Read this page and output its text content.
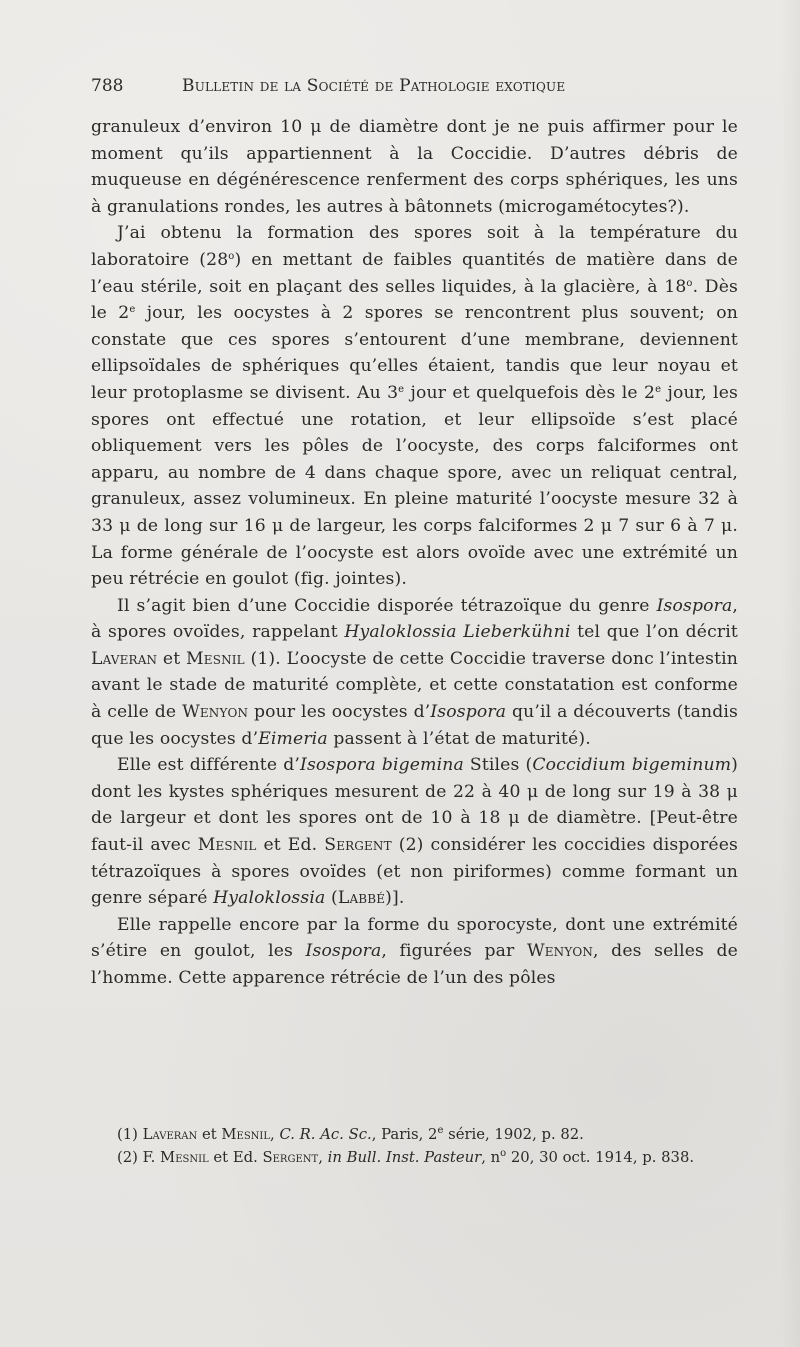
788	Bulletin de la Société de Pathologie exotique

granuleux d’environ 10 μ de diamètre dont je ne puis affirmer pour le moment qu’ils appartiennent à la Coccidie. D’autres débris de muqueuse en dégénérescence renferment des corps sphériques, les uns à granulations rondes, les autres à bâtonnets (microgamétocytes?).

J’ai obtenu la formation des spores soit à la température du laboratoire (28$^o$) en mettant de faibles quantités de matière dans de l’eau stérile, soit en plaçant des selles liquides, à la glacière, à 18$^o$. Dès le 2e jour, les oocystes à 2 spores se rencontrent plus souvent; on constate que ces spores s’entourent d’une membrane, deviennent ellipsoïdales de sphériques qu’elles étaient, tandis que leur noyau et leur protoplasme se divisent. Au 3e jour et quelquefois dès le 2e jour, les spores ont effectué une rotation, et leur ellipsoïde s’est placé obliquement vers les pôles de l’oocyste, des corps falciformes ont apparu, au nombre de 4 dans chaque spore, avec un reliquat central, granuleux, assez volumineux. En pleine maturité l’oocyste mesure 32 à 33 μ de long sur 16 μ de largeur, les corps falciformes 2 μ 7 sur 6 à 7 μ. La forme générale de l’oocyste est alors ovoïde avec une extrémité un peu rétrécie en goulot (fig. jointes).

Il s’agit bien d’une Coccidie disporée tétrazoïque du genre Isospora, à spores ovoïdes, rappelant Hyaloklossia Lieberkühni tel que l’on décrit Laveran et Mesnil (1). L’oocyste de cette Coccidie traverse donc l’intestin avant le stade de maturité complète, et cette constatation est conforme à celle de Wenyon pour les oocystes d’Isospora qu’il a découverts (tandis que les oocystes d’Eimeria passent à l’état de maturité).

Elle est différente d’Isospora bigemina Stiles (Coccidium bigeminum) dont les kystes sphériques mesurent de 22 à 40 μ de long sur 19 à 38 μ de largeur et dont les spores ont de 10 à 18 μ de diamètre. [Peut-être faut-il avec Mesnil et Ed. Sergent (2) considérer les coccidies disporées tétrazoïques à spores ovoïdes (et non piriformes) comme formant un genre séparé Hyaloklossia (Labbé)].

Elle rappelle encore par la forme du sporocyste, dont une extrémité s’étire en goulot, les Isospora, figurées par Wenyon, des selles de l’homme. Cette apparence rétrécie de l’un des pôles

(1) Laveran et Mesnil, C. R. Ac. Sc., Paris, 2e série, 1902, p. 82.

(2) F. Mesnil et Ed. Sergent, in Bull. Inst. Pasteur, $n^o$ 20, 30 oct. 1914, p. 838.
